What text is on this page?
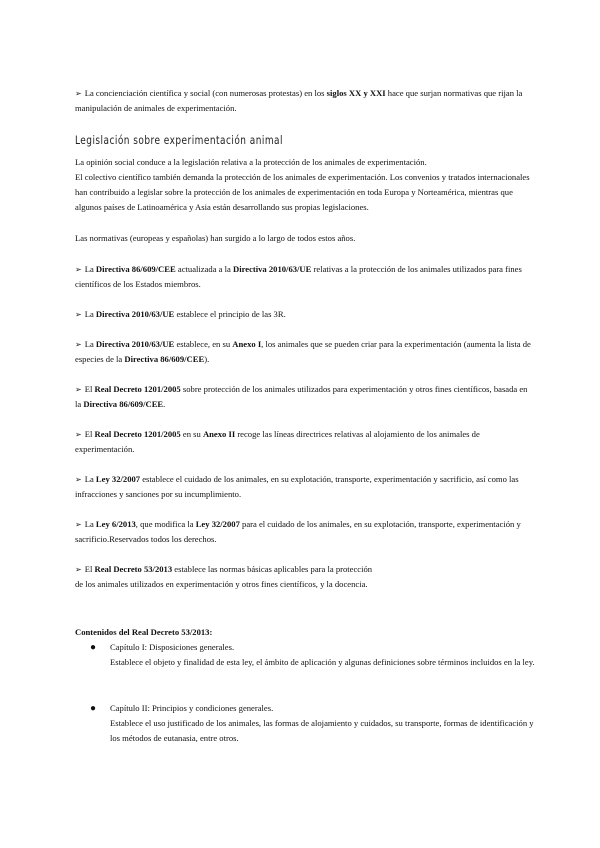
➢ La concienciación científica y social (con numerosas protestas) en los siglos XX y XXI hace que surjan normativas que rijan la manipulación de animales de experimentación.

Legislación sobre experimentación animal

La opinión social conduce a la legislación relativa a la protección de los animales de experimentación.

El colectivo científico también demanda la protección de los animales de experimentación. Los convenios y tratados internacionales han contribuido a legislar sobre la protección de los animales de experimentación en toda Europa y Norteamérica, mientras que algunos países de Latinoamérica y Asia están desarrollando sus propias legislaciones.

Las normativas (europeas y españolas) han surgido a lo largo de todos estos años.

➢ La Directiva 86/609/CEE actualizada a la Directiva 2010/63/UE relativas a la protección de los animales utilizados para fines científicos de los Estados miembros.

➢ La Directiva 2010/63/UE establece el principio de las 3R.

➢ La Directiva 2010/63/UE establece, en su Anexo I, los animales que se pueden criar para la experimentación (aumenta la lista de especies de la Directiva 86/609/CEE).

➢ El Real Decreto 1201/2005 sobre protección de los animales utilizados para experimentación y otros fines científicos, basada en la Directiva 86/609/CEE.

➢ El Real Decreto 1201/2005 en su Anexo II recoge las líneas directrices relativas al alojamiento de los animales de experimentación.

➢ La Ley 32/2007 establece el cuidado de los animales, en su explotación, transporte, experimentación y sacrificio, así como las infracciones y sanciones por su incumplimiento.

➢ La Ley 6/2013, que modifica la Ley 32/2007 para el cuidado de los animales, en su explotación, transporte, experimentación y sacrificio.Reservados todos los derechos.

➢ El Real Decreto 53/2013 establece las normas básicas aplicables para la protección

de los animales utilizados en experimentación y otros fines científicos, y la docencia.

Contenidos del Real Decreto 53/2013:

● Capítulo I: Disposiciones generales.

Establece el objeto y finalidad de esta ley, el ámbito de aplicación y algunas definiciones sobre términos incluidos en la ley.

● Capítulo II: Principios y condiciones generales.

Establece el uso justificado de los animales, las formas de alojamiento y cuidados, su transporte, formas de identificación y los métodos de eutanasia, entre otros.
